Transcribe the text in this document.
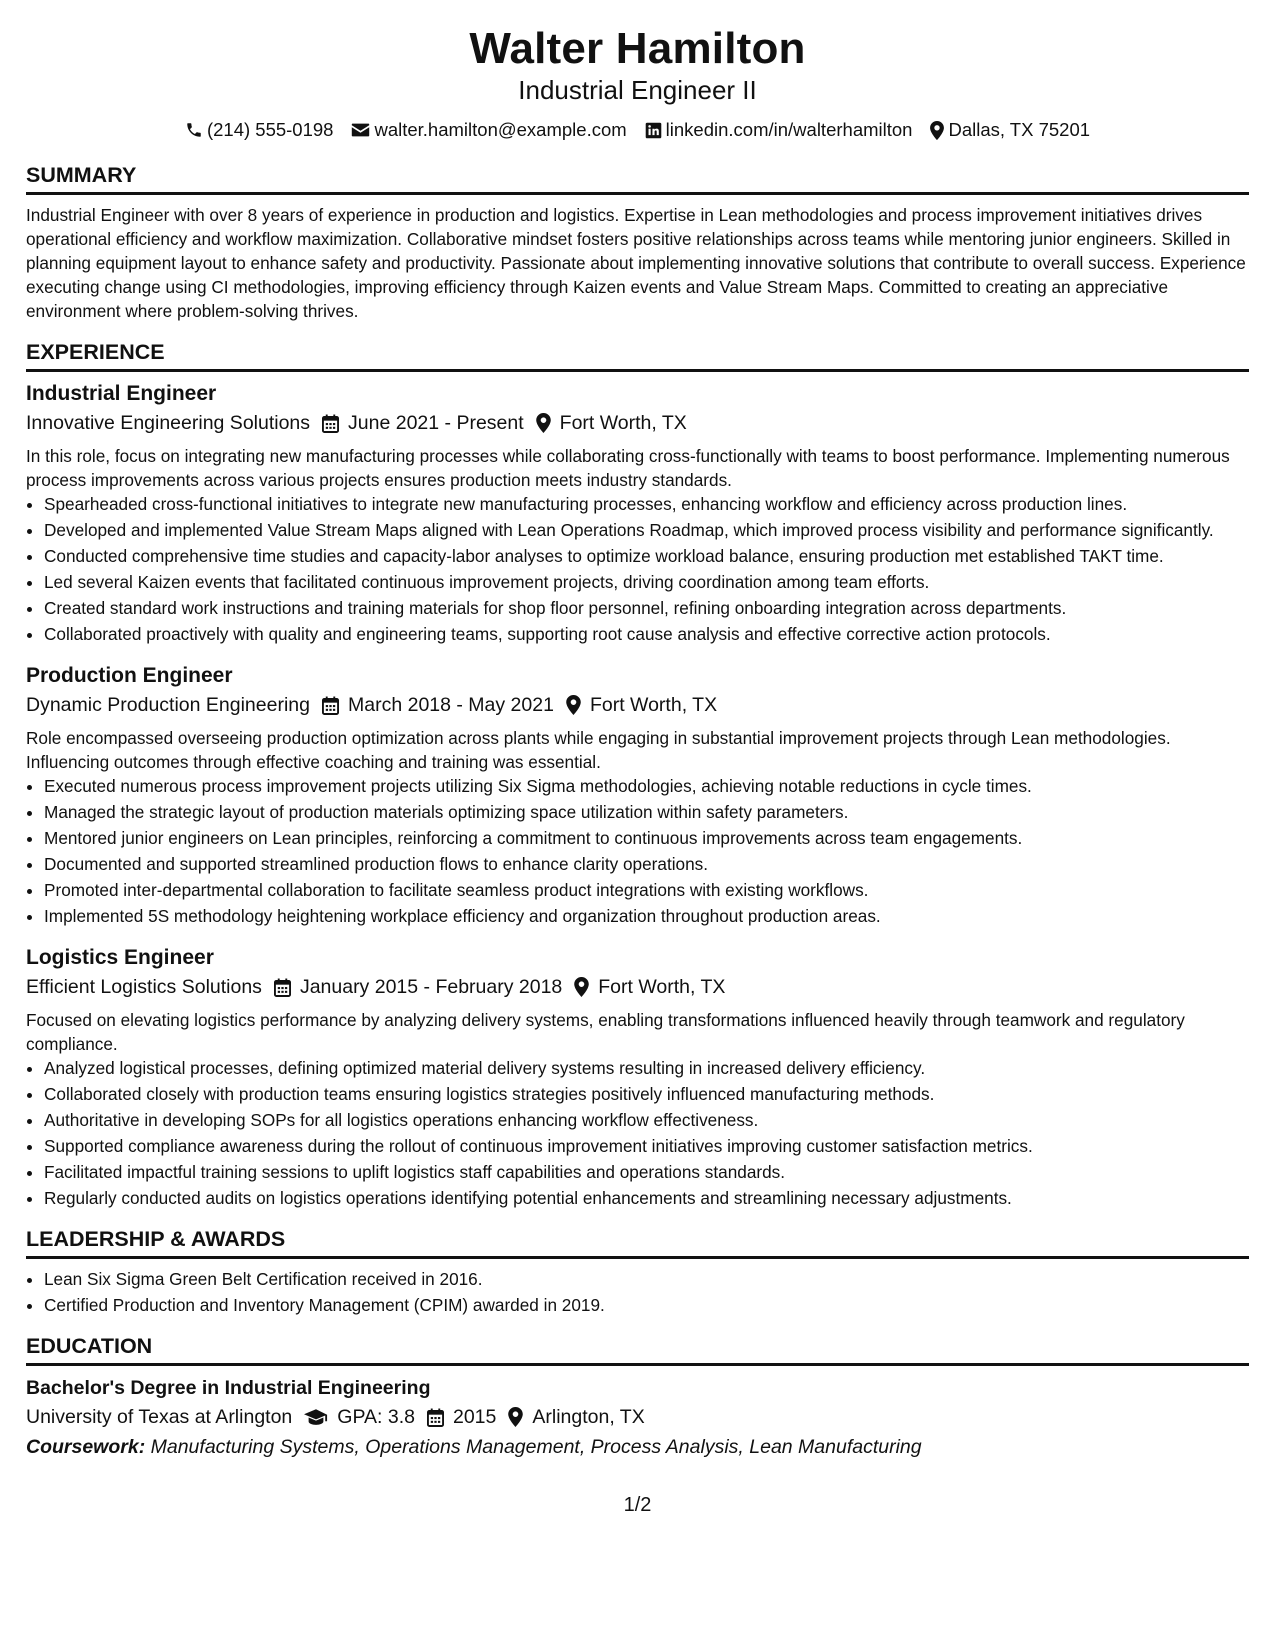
Walter Hamilton
Industrial Engineer II
(214) 555-0198 walter.hamilton@example.com linkedin.com/in/walterhamilton Dallas, TX 75201
SUMMARY

Industrial Engineer with over 8 years of experience in production and logistics. Expertise in Lean methodologies and process improvement initiatives drives operational efficiency and workflow maximization. Collaborative mindset fosters positive relationships across teams while mentoring junior engineers. Skilled in planning equipment layout to enhance safety and productivity. Passionate about implementing innovative solutions that contribute to overall success. Experience executing change using CI methodologies, improving efficiency through Kaizen events and Value Stream Maps. Committed to creating an appreciative environment where problem-solving thrives.

EXPERIENCE
Industrial Engineer
Innovative Engineering Solutions June 2021 - Present Fort Worth, TX

In this role, focus on integrating new manufacturing processes while collaborating cross-functionally with teams to boost performance. Implementing numerous process improvements across various projects ensures production meets industry standards.

• Spearheaded cross-functional initiatives to integrate new manufacturing processes, enhancing workflow and efficiency across production lines.
• Developed and implemented Value Stream Maps aligned with Lean Operations Roadmap, which improved process visibility and performance significantly.
• Conducted comprehensive time studies and capacity-labor analyses to optimize workload balance, ensuring production met established TAKT time.
• Led several Kaizen events that facilitated continuous improvement projects, driving coordination among team efforts.
• Created standard work instructions and training materials for shop floor personnel, refining onboarding integration across departments.
• Collaborated proactively with quality and engineering teams, supporting root cause analysis and effective corrective action protocols.
Production Engineer
Dynamic Production Engineering March 2018 - May 2021 Fort Worth, TX

Role encompassed overseeing production optimization across plants while engaging in substantial improvement projects through Lean methodologies. Influencing outcomes through effective coaching and training was essential.

• Executed numerous process improvement projects utilizing Six Sigma methodologies, achieving notable reductions in cycle times.
• Managed the strategic layout of production materials optimizing space utilization within safety parameters.
• Mentored junior engineers on Lean principles, reinforcing a commitment to continuous improvements across team engagements.
• Documented and supported streamlined production flows to enhance clarity operations.
• Promoted inter-departmental collaboration to facilitate seamless product integrations with existing workflows.
• Implemented 5S methodology heightening workplace efficiency and organization throughout production areas.
Logistics Engineer
Efficient Logistics Solutions January 2015 - February 2018 Fort Worth, TX

Focused on elevating logistics performance by analyzing delivery systems, enabling transformations influenced heavily through teamwork and regulatory compliance.

• Analyzed logistical processes, defining optimized material delivery systems resulting in increased delivery efficiency.
• Collaborated closely with production teams ensuring logistics strategies positively influenced manufacturing methods.
• Authoritative in developing SOPs for all logistics operations enhancing workflow effectiveness.
• Supported compliance awareness during the rollout of continuous improvement initiatives improving customer satisfaction metrics.
• Facilitated impactful training sessions to uplift logistics staff capabilities and operations standards.
• Regularly conducted audits on logistics operations identifying potential enhancements and streamlining necessary adjustments.
LEADERSHIP & AWARDS
• Lean Six Sigma Green Belt Certification received in 2016.
• Certified Production and Inventory Management (CPIM) awarded in 2019.
EDUCATION
Bachelor's Degree in Industrial Engineering
University of Texas at Arlington GPA: 3.8 2015 Arlington, TX
Coursework: Manufacturing Systems, Operations Management, Process Analysis, Lean Manufacturing
1/2
